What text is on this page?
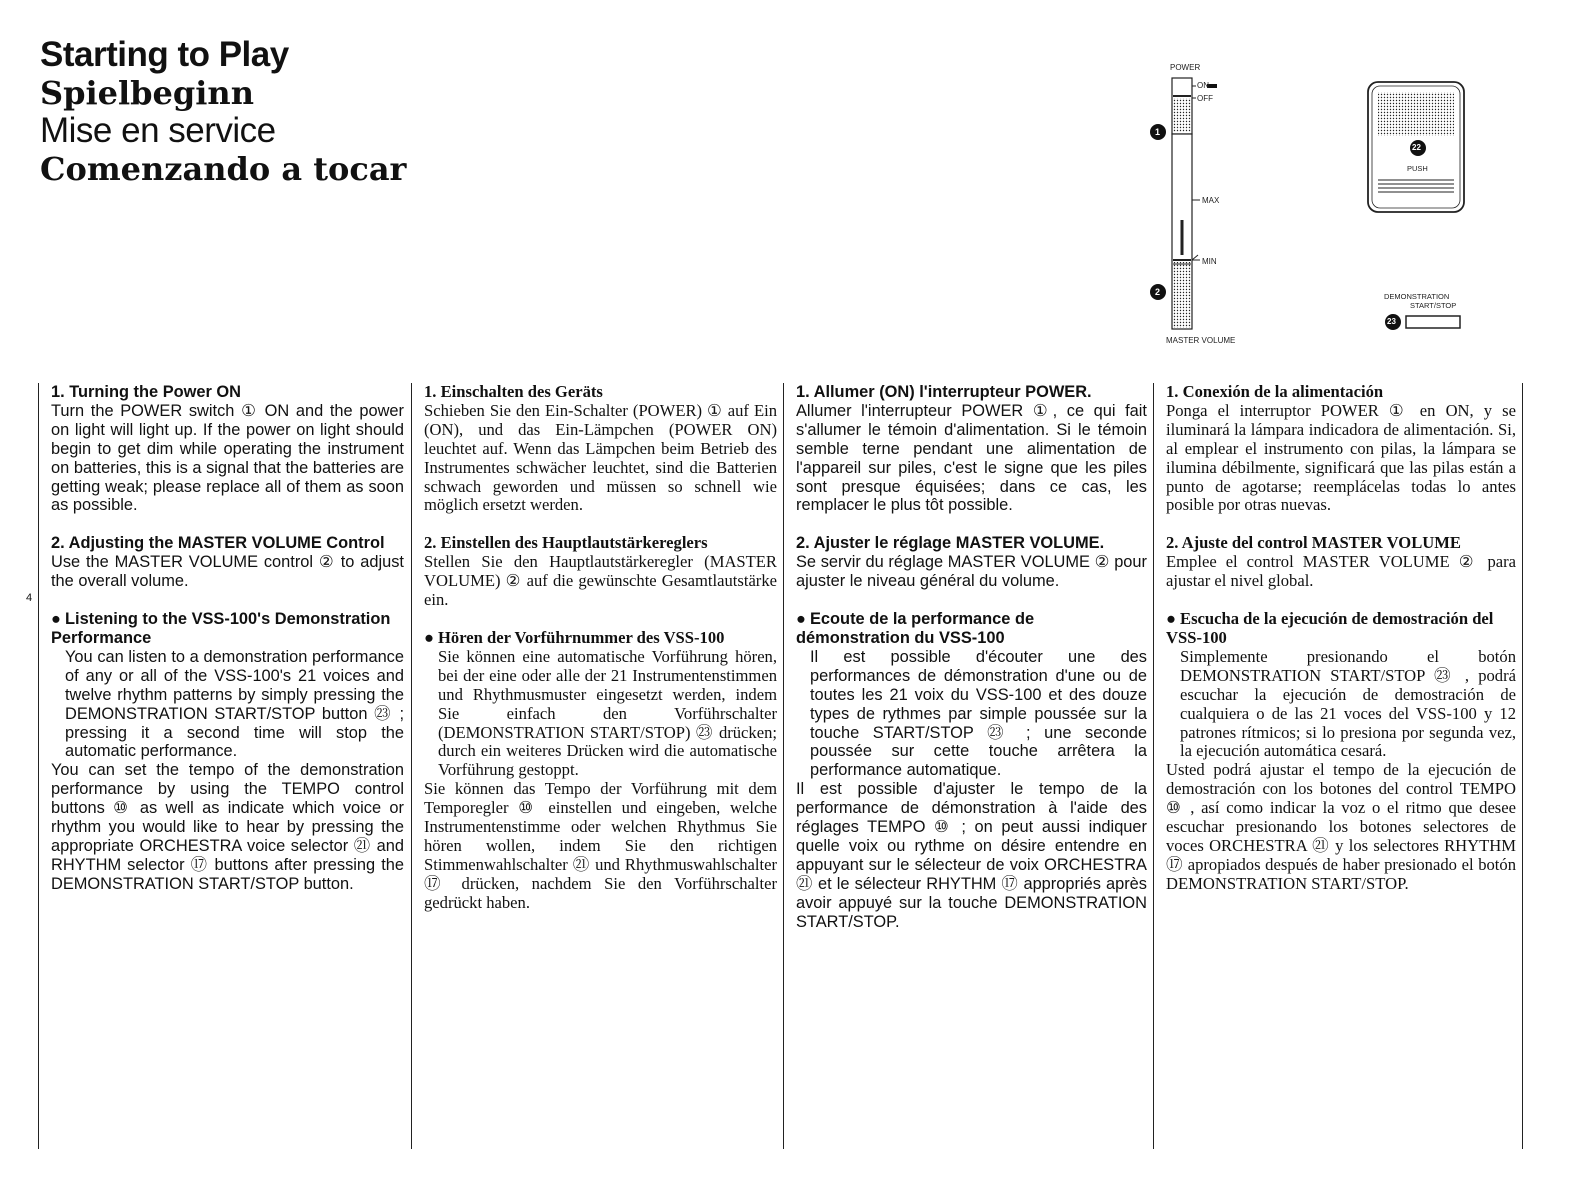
Starting to Play
Spielbeginn
Mise en service
Comenzando a tocar
POWER
ON
OFF
MAX
MIN
MASTER VOLUME
1
2
22
PUSH
DEMONSTRATION
START/STOP
23
4
1. Turning the Power ON

Turn the POWER switch ① ON and the power on light will light up. If the power on light should begin to get dim while operating the instrument on batteries, this is a signal that the batteries are getting weak; please replace all of them as soon as possible.

2. Adjusting the MASTER VOLUME Control

Use the MASTER VOLUME control ② to adjust the overall volume.

● Listening to the VSS-100's Demonstration Performance

You can listen to a demonstration performance of any or all of the VSS-100's 21 voices and twelve rhythm patterns by simply pressing the DEMONSTRATION START/STOP button ㉓ ; pressing it a second time will stop the automatic performance.

You can set the tempo of the demonstration performance by using the TEMPO control buttons ⑩ as well as indicate which voice or rhythm you would like to hear by pressing the appropriate ORCHESTRA voice selector ㉑ and RHYTHM selector ⑰ buttons after pressing the DEMONSTRATION START/STOP button.

1. Einschalten des Geräts

Schieben Sie den Ein-Schalter (POWER) ① auf Ein (ON), und das Ein-Lämpchen (POWER ON) leuchtet auf. Wenn das Lämpchen beim Betrieb des Instrumentes schwächer leuchtet, sind die Batterien schwach geworden und müssen so schnell wie möglich ersetzt werden.

2. Einstellen des Hauptlautstärkereglers

Stellen Sie den Hauptlautstärkeregler (MASTER VOLUME) ② auf die gewünschte Gesamtlautstärke ein.

● Hören der Vorführnummer des VSS-100

Sie können eine automatische Vorführung hören, bei der eine oder alle der 21 Instrumentenstimmen und Rhythmusmuster eingesetzt werden, indem Sie einfach den Vorführschalter (DEMONSTRATION START/STOP) ㉓ drücken; durch ein weiteres Drücken wird die automatische Vorführung gestoppt.

Sie können das Tempo der Vorführung mit dem Temporegler ⑩ einstellen und eingeben, welche Instrumentenstimme oder welchen Rhythmus Sie hören wollen, indem Sie den richtigen Stimmenwahlschalter ㉑ und Rhythmuswahlschalter ⑰ drücken, nachdem Sie den Vorführschalter gedrückt haben.

1. Allumer (ON) l'interrupteur POWER.

Allumer l'interrupteur POWER ①, ce qui fait s'allumer le témoin d'alimentation. Si le témoin semble terne pendant une alimentation de l'appareil sur piles, c'est le signe que les piles sont presque équisées; dans ce cas, les remplacer le plus tôt possible.

2. Ajuster le réglage MASTER VOLUME.

Se servir du réglage MASTER VOLUME ② pour ajuster le niveau général du volume.

● Ecoute de la performance de démonstration du VSS-100

Il est possible d'écouter une des performances de démonstration d'une ou de toutes les 21 voix du VSS-100 et des douze types de rythmes par simple poussée sur la touche START/STOP ㉓ ; une seconde poussée sur cette touche arrêtera la performance automatique.

Il est possible d'ajuster le tempo de la performance de démonstration à l'aide des réglages TEMPO ⑩ ; on peut aussi indiquer quelle voix ou rythme on désire entendre en appuyant sur le sélecteur de voix ORCHESTRA ㉑ et le sélecteur RHYTHM ⑰ appropriés après avoir appuyé sur la touche DEMONSTRATION START/STOP.

1. Conexión de la alimentación

Ponga el interruptor POWER ① en ON, y se iluminará la lámpara indicadora de alimentación. Si, al emplear el instrumento con pilas, la lámpara se ilumina débilmente, significará que las pilas están a punto de agotarse; reemplácelas todas lo antes posible por otras nuevas.

2. Ajuste del control MASTER VOLUME

Emplee el control MASTER VOLUME ② para ajustar el nivel global.

● Escucha de la ejecución de demostración del VSS-100

Simplemente presionando el botón DEMONSTRATION START/STOP ㉓ , podrá escuchar la ejecución de demostración de cualquiera o de las 21 voces del VSS-100 y 12 patrones rítmicos; si lo presiona por segunda vez, la ejecución automática cesará.

Usted podrá ajustar el tempo de la ejecución de demostración con los botones del control TEMPO ⑩ , así como indicar la voz o el ritmo que desee escuchar presionando los botones selectores de voces ORCHESTRA ㉑ y los selectores RHYTHM ⑰ apropiados después de haber presionado el botón DEMONSTRATION START/STOP.
